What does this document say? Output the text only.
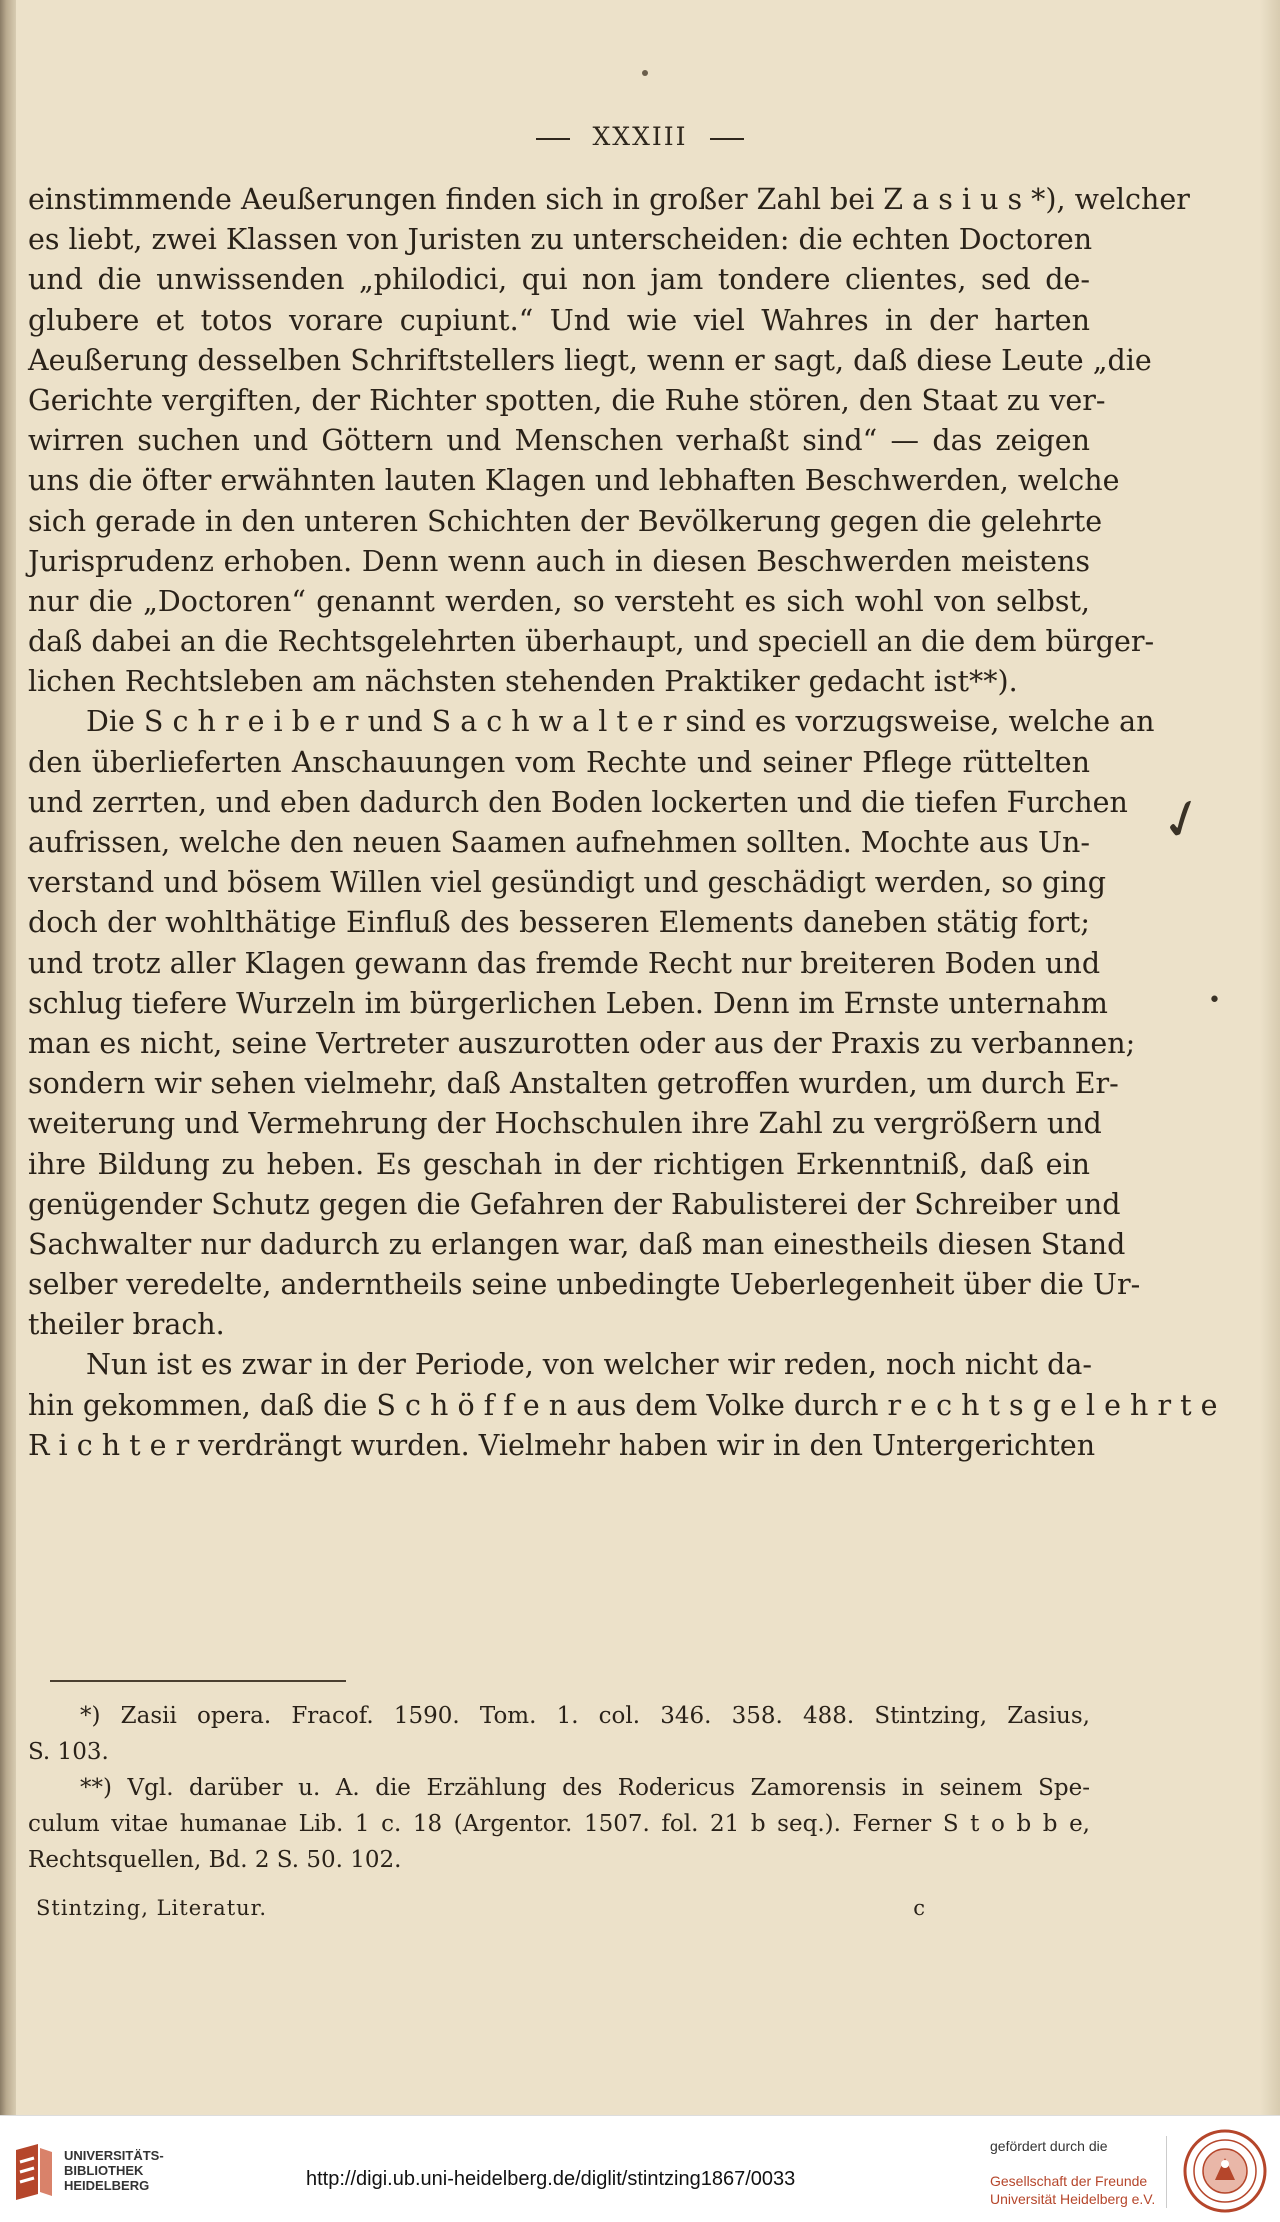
XXXIII
einstimmende Aeußerungen finden sich in großer Zahl bei Z a s i u s *), welcher
es liebt, zwei Klassen von Juristen zu unterscheiden: die echten Doctoren
und die unwissenden „philodici, qui non jam tondere clientes, sed de-
glubere et totos vorare cupiunt.“ Und wie viel Wahres in der harten
Aeußerung desselben Schriftstellers liegt, wenn er sagt, daß diese Leute „die
Gerichte vergiften, der Richter spotten, die Ruhe stören, den Staat zu ver-
wirren suchen und Göttern und Menschen verhaßt sind“ — das zeigen
uns die öfter erwähnten lauten Klagen und lebhaften Beschwerden, welche
sich gerade in den unteren Schichten der Bevölkerung gegen die gelehrte
Jurisprudenz erhoben. Denn wenn auch in diesen Beschwerden meistens
nur die „Doctoren“ genannt werden, so versteht es sich wohl von selbst,
daß dabei an die Rechtsgelehrten überhaupt, und speciell an die dem bürger-
lichen Rechtsleben am nächsten stehenden Praktiker gedacht ist**).
Die S c h r e i b e r und S a c h w a l t e r sind es vorzugsweise, welche an
den überlieferten Anschauungen vom Rechte und seiner Pflege rüttelten
und zerrten, und eben dadurch den Boden lockerten und die tiefen Furchen
aufrissen, welche den neuen Saamen aufnehmen sollten. Mochte aus Un-
verstand und bösem Willen viel gesündigt und geschädigt werden, so ging
doch der wohlthätige Einfluß des besseren Elements daneben stätig fort;
und trotz aller Klagen gewann das fremde Recht nur breiteren Boden und
schlug tiefere Wurzeln im bürgerlichen Leben. Denn im Ernste unternahm
man es nicht, seine Vertreter auszurotten oder aus der Praxis zu verbannen;
sondern wir sehen vielmehr, daß Anstalten getroffen wurden, um durch Er-
weiterung und Vermehrung der Hochschulen ihre Zahl zu vergrößern und
ihre Bildung zu heben. Es geschah in der richtigen Erkenntniß, daß ein
genügender Schutz gegen die Gefahren der Rabulisterei der Schreiber und
Sachwalter nur dadurch zu erlangen war, daß man einestheils diesen Stand
selber veredelte, anderntheils seine unbedingte Ueberlegenheit über die Ur-
theiler brach.
Nun ist es zwar in der Periode, von welcher wir reden, noch nicht da-
hin gekommen, daß die S c h ö f f e n aus dem Volke durch r e c h t s g e l e h r t e
R i c h t e r verdrängt wurden. Vielmehr haben wir in den Untergerichten
✓
•
*) Zasii opera. Fracof. 1590. Tom. 1. col. 346. 358. 488. Stintzing, Zasius,
S. 103.
**) Vgl. darüber u. A. die Erzählung des Rodericus Zamorensis in seinem Spe-
culum vitae humanae Lib. 1 c. 18 (Argentor. 1507. fol. 21 b seq.). Ferner S t o b b e,
Rechtsquellen, Bd. 2 S. 50. 102.
Stintzing, Literatur.	c
UNIVERSITÄTS-
BIBLIOTHEK
HEIDELBERG	http://digi.ub.uni-heidelberg.de/diglit/stintzing1867/0033
gefördert durch die
Gesellschaft der Freunde
Universität Heidelberg e.V.
